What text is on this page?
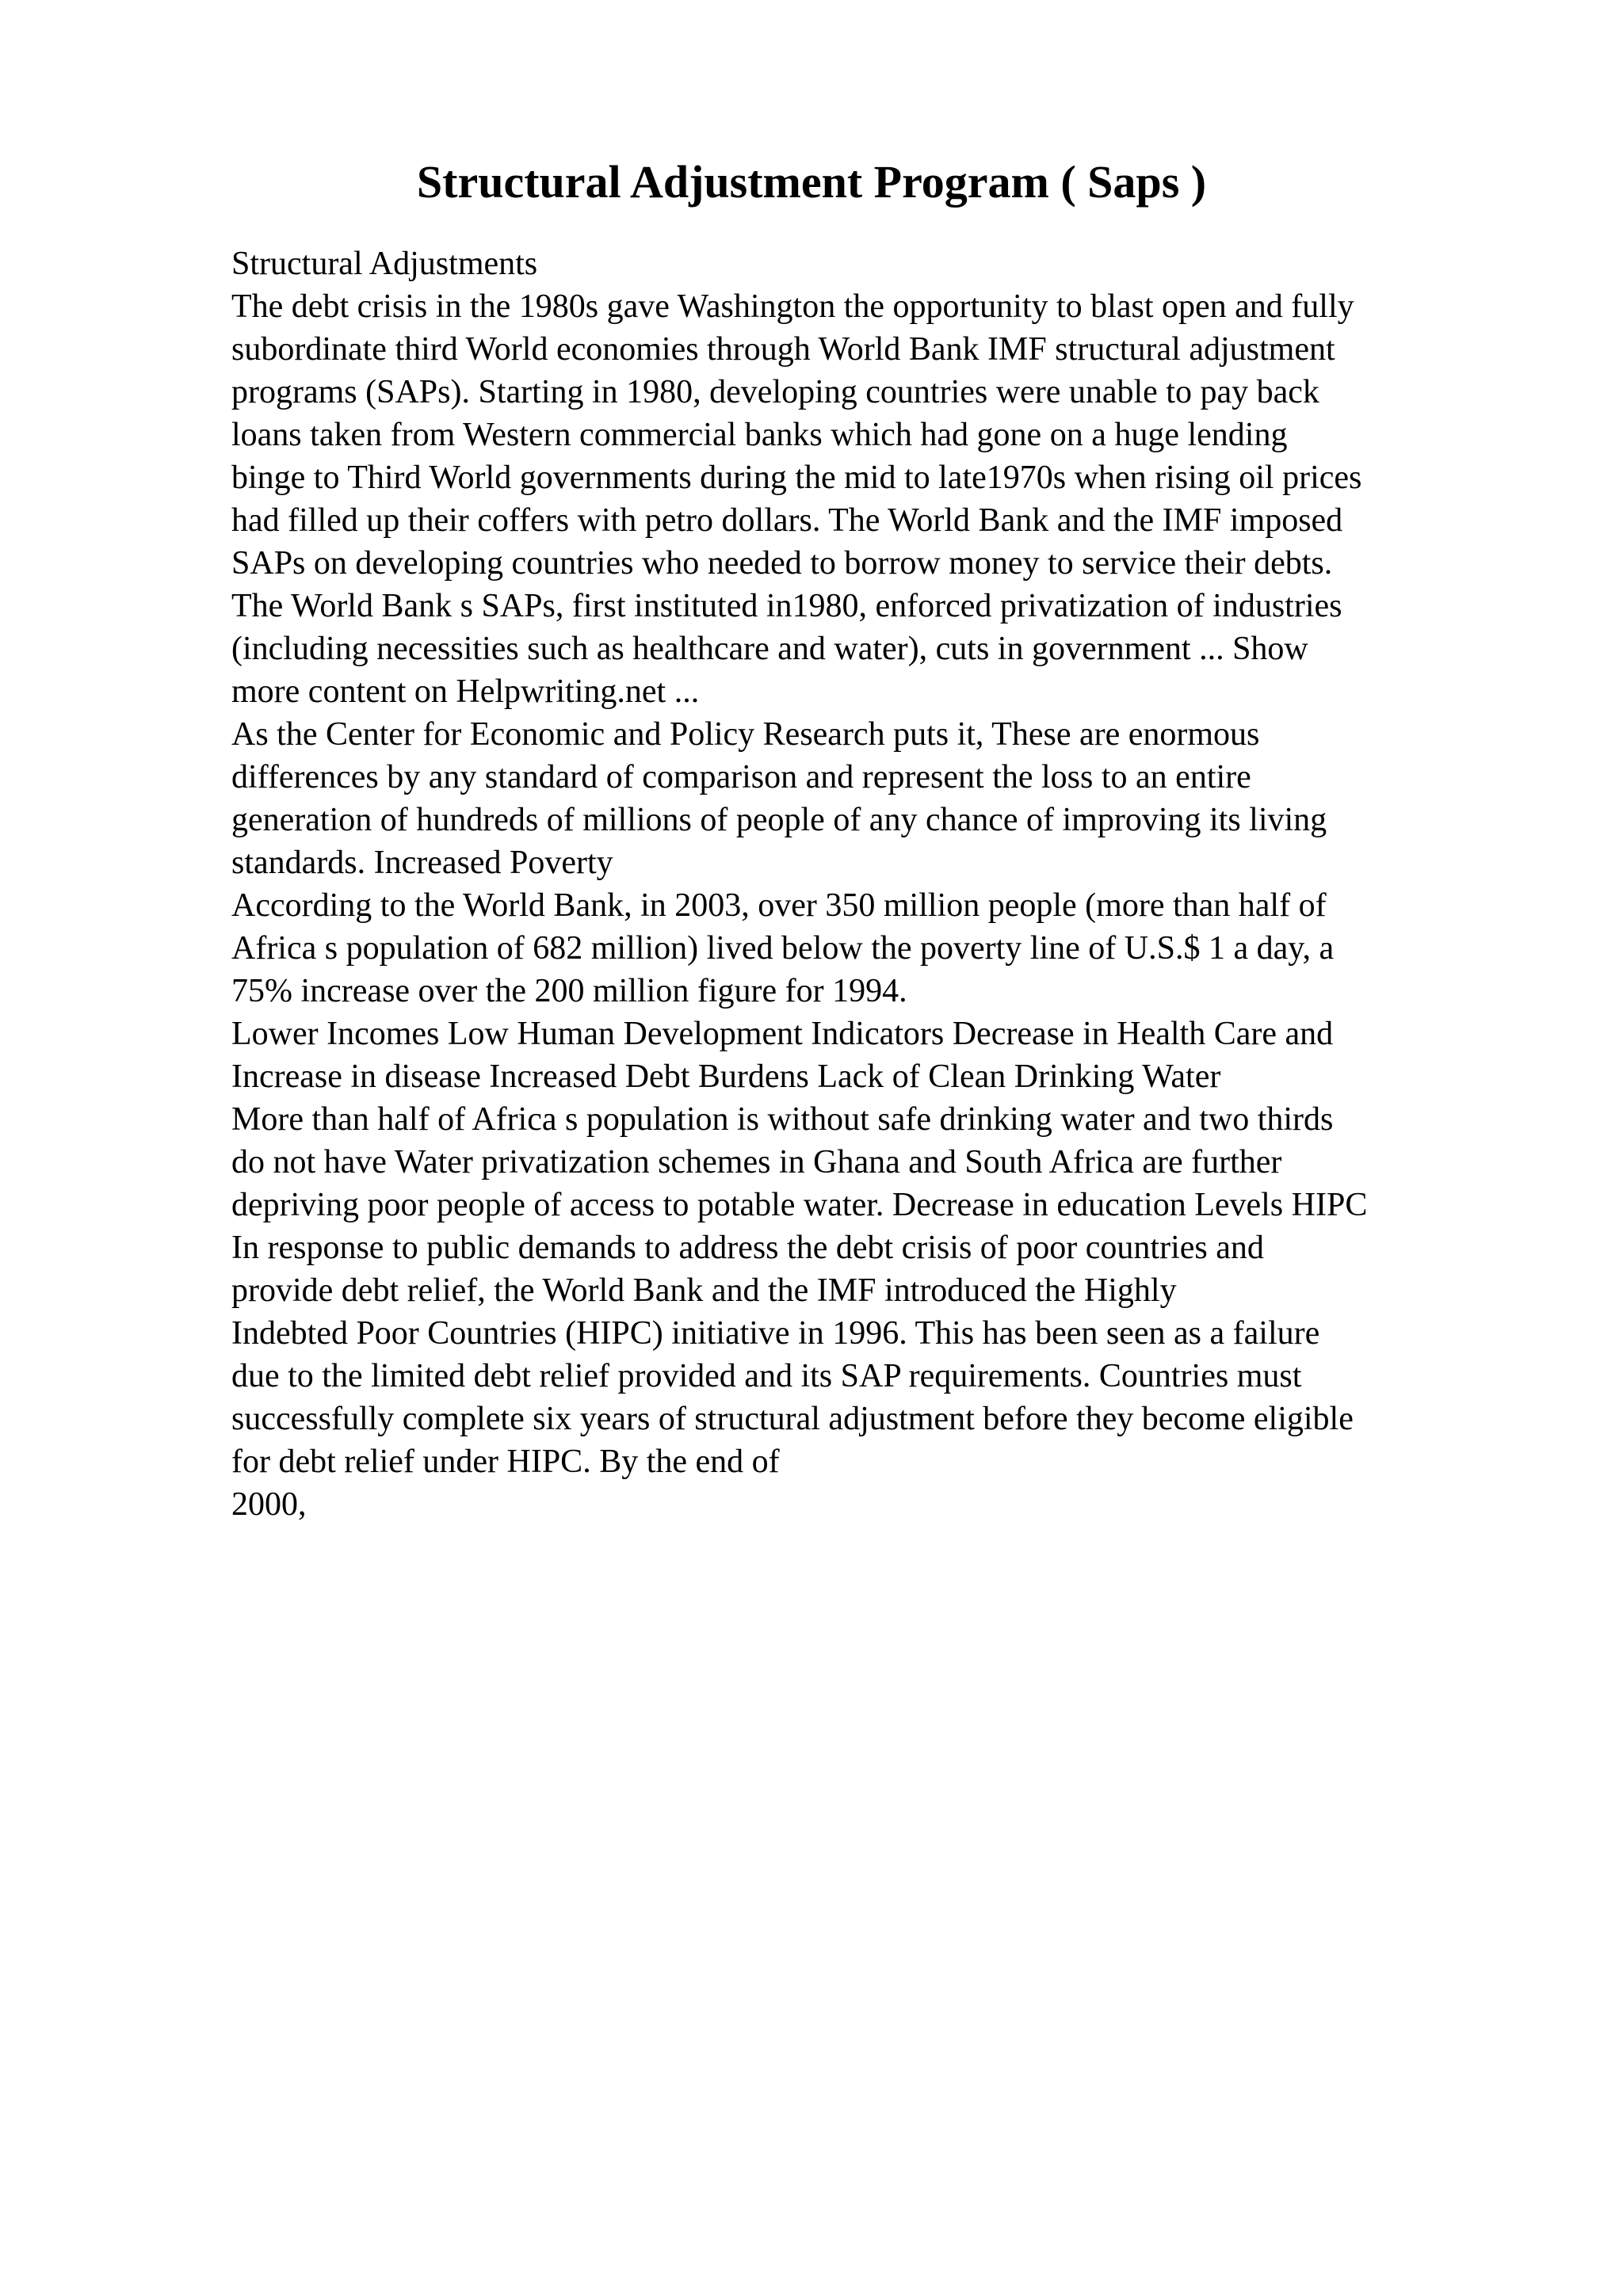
Structural Adjustment Program ( Saps )
Structural Adjustments
The debt crisis in the 1980s gave Washington the opportunity to blast open and fully
subordinate third World economies through World Bank IMF structural adjustment
programs (SAPs). Starting in 1980, developing countries were unable to pay back
loans taken from Western commercial banks which had gone on a huge lending
binge to Third World governments during the mid to late1970s when rising oil prices
had filled up their coffers with petro dollars. The World Bank and the IMF imposed
SAPs on developing countries who needed to borrow money to service their debts.
The World Bank s SAPs, first instituted in1980, enforced privatization of industries
(including necessities such as healthcare and water), cuts in government ... Show
more content on Helpwriting.net ...
As the Center for Economic and Policy Research puts it, These are enormous
differences by any standard of comparison and represent the loss to an entire
generation of hundreds of millions of people of any chance of improving its living
standards. Increased Poverty
According to the World Bank, in 2003, over 350 million people (more than half of
Africa s population of 682 million) lived below the poverty line of U.S.$ 1 a day, a
75% increase over the 200 million figure for 1994.
Lower Incomes Low Human Development Indicators Decrease in Health Care and
Increase in disease Increased Debt Burdens Lack of Clean Drinking Water
More than half of Africa s population is without safe drinking water and two thirds
do not have Water privatization schemes in Ghana and South Africa are further
depriving poor people of access to potable water. Decrease in education Levels HIPC
In response to public demands to address the debt crisis of poor countries and
provide debt relief, the World Bank and the IMF introduced the Highly
Indebted Poor Countries (HIPC) initiative in 1996. This has been seen as a failure
due to the limited debt relief provided and its SAP requirements. Countries must
successfully complete six years of structural adjustment before they become eligible
for debt relief under HIPC. By the end of
2000,
